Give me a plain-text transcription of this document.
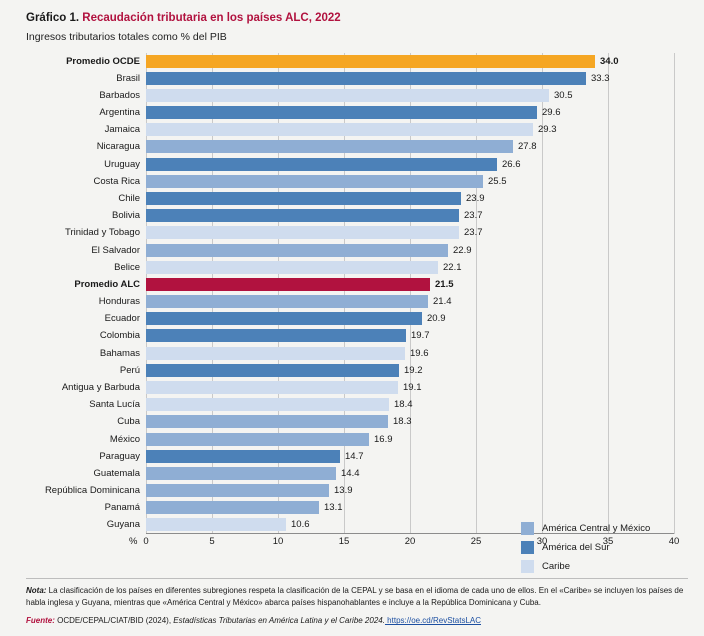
Gráfico 1. Recaudación tributaria en los países ALC, 2022
Ingresos tributarios totales como % del PIB
Promedio OCDE	34.0
Brasil	33.3
Barbados	30.5
Argentina	29.6
Jamaica	29.3
Nicaragua	27.8
Uruguay	26.6
Costa Rica	25.5
Chile	23.9
Bolivia	23.7
Trinidad y Tobago	23.7
El Salvador	22.9
Belice	22.1
Promedio ALC	21.5
Honduras	21.4
Ecuador	20.9
Colombia	19.7
Bahamas	19.6
Perú	19.2
Antigua y Barbuda	19.1
Santa Lucía	18.4
Cuba	18.3
México	16.9
Paraguay	14.7
Guatemala	14.4
República Dominicana	13.9
Panamá	13.1
Guyana	10.6
% 0	5	10	15	20	25	30	35	40
América Central y México
América del Sur
Caribe
Nota: La clasificación de los países en diferentes subregiones respeta la clasificación de la CEPAL y se basa en el idioma de cada uno de ellos. En el «Caribe» se incluyen los países de habla inglesa y Guyana, mientras que «América Central y México» abarca países hispanohablantes e incluye a la República Dominicana y Cuba.
Fuente: OCDE/CEPAL/CIAT/BID (2024), Estadísticas Tributarias en América Latina y el Caribe 2024. https://oe.cd/RevStatsLAC
